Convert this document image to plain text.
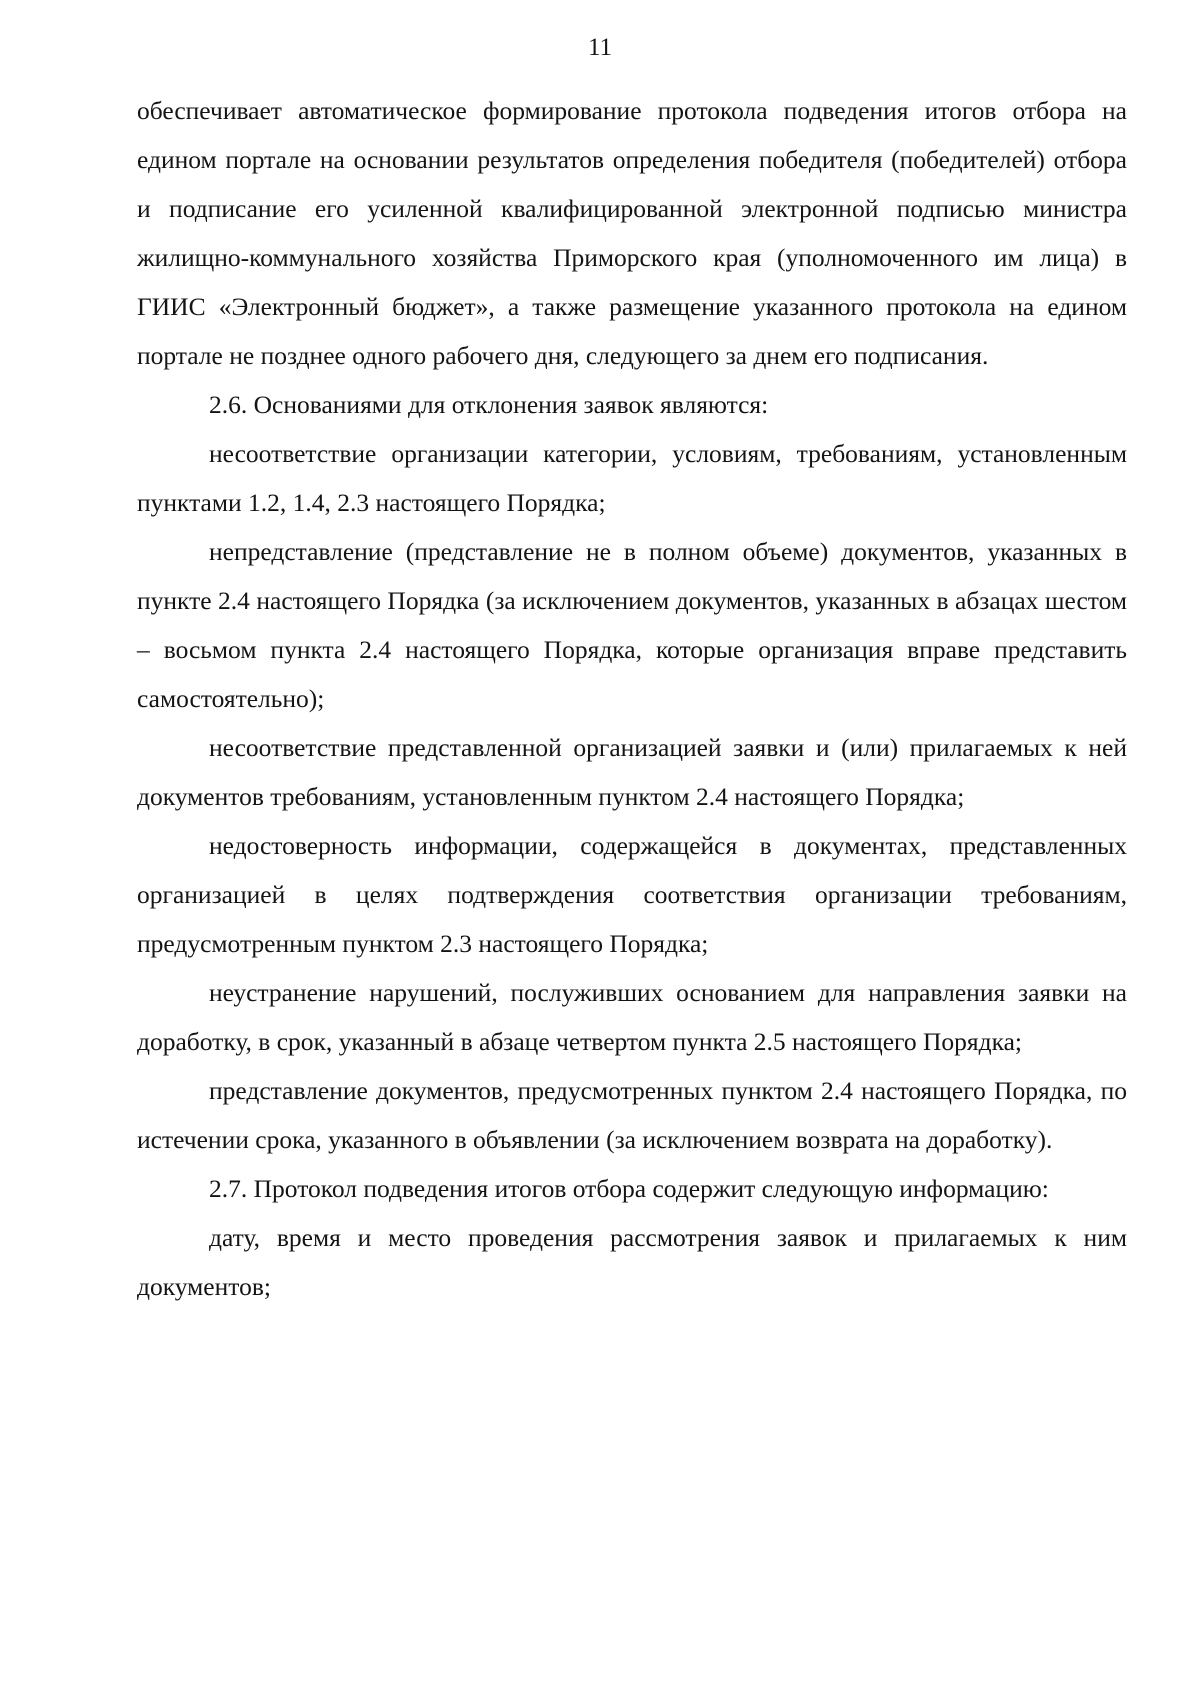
11

обеспечивает автоматическое формирование протокола подведения итогов отбора на едином портале на основании результатов определения победителя (победителей) отбора и подписание его усиленной квалифицированной электронной подписью министра жилищно-коммунального хозяйства Приморского края (уполномоченного им лица) в ГИИС «Электронный бюджет», а также размещение указанного протокола на едином портале не позднее одного рабочего дня, следующего за днем его подписания.

2.6. Основаниями для отклонения заявок являются:

несоответствие организации категории, условиям, требованиям, установленным пунктами 1.2, 1.4, 2.3 настоящего Порядка;

непредставление (представление не в полном объеме) документов, указанных в пункте 2.4 настоящего Порядка (за исключением документов, указанных в абзацах шестом – восьмом пункта 2.4 настоящего Порядка, которые организация вправе представить самостоятельно);

несоответствие представленной организацией заявки и (или) прилагаемых к ней документов требованиям, установленным пунктом 2.4 настоящего Порядка;

недостоверность информации, содержащейся в документах, представленных организацией в целях подтверждения соответствия организации требованиям, предусмотренным пунктом 2.3 настоящего Порядка;

неустранение нарушений, послуживших основанием для направления заявки на доработку, в срок, указанный в абзаце четвертом пункта 2.5 настоящего Порядка;

представление документов, предусмотренных пунктом 2.4 настоящего Порядка, по истечении срока, указанного в объявлении (за исключением возврата на доработку).

2.7. Протокол подведения итогов отбора содержит следующую информацию:

дату, время и место проведения рассмотрения заявок и прилагаемых к ним документов;
